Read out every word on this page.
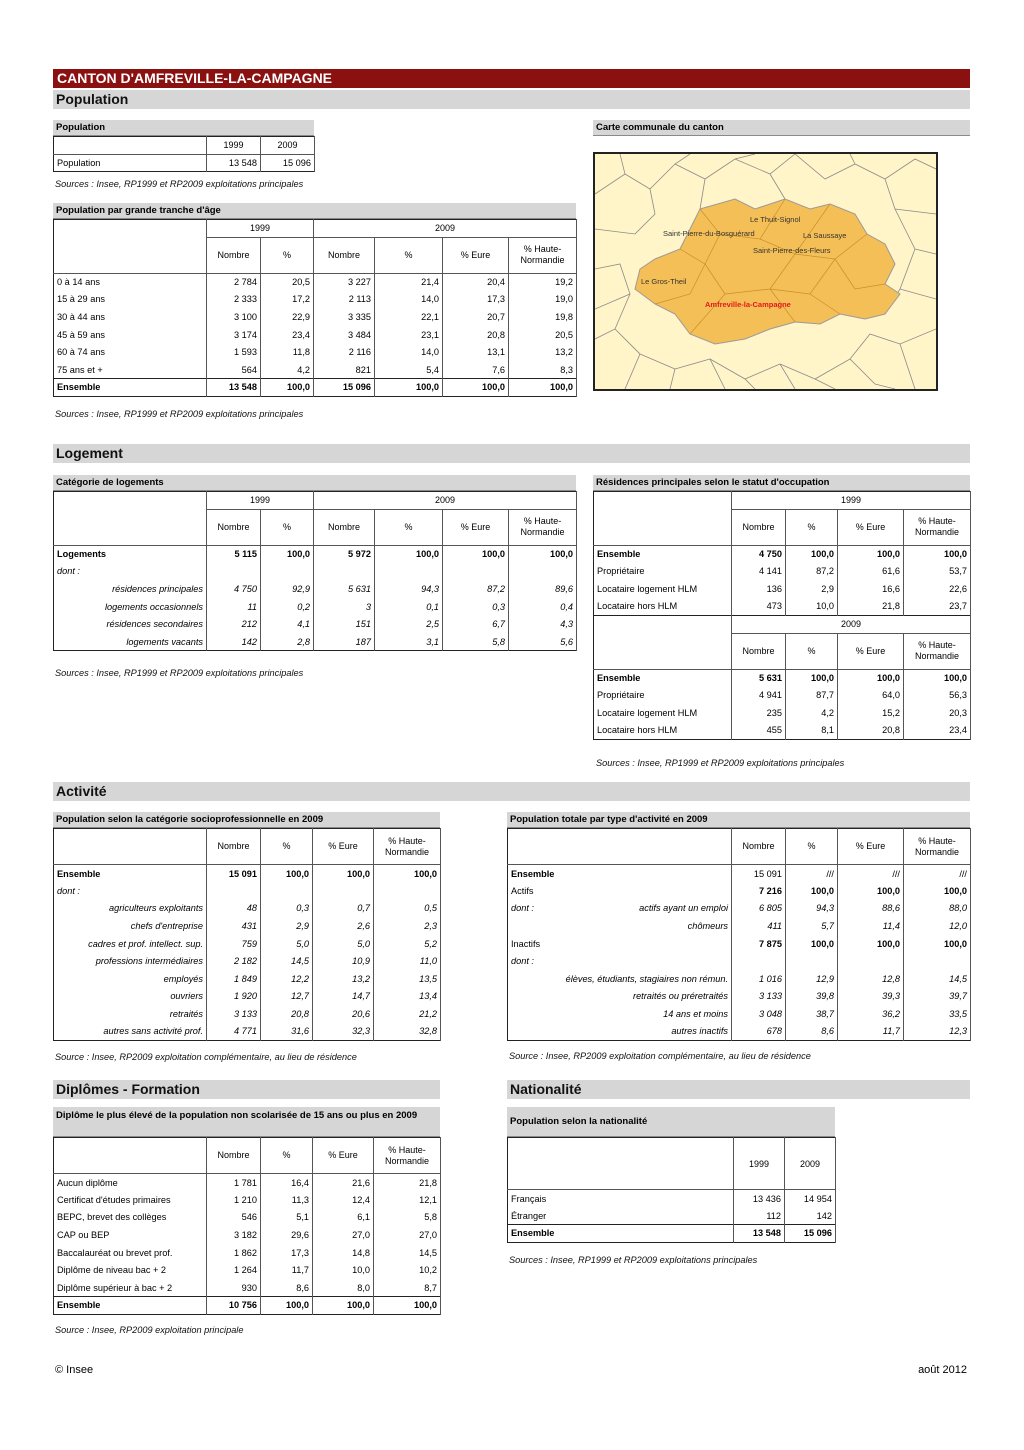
CANTON D'AMFREVILLE-LA-CAMPAGNE
Population
Population
	1999	2009
Population	13 548	15 096
Sources : Insee, RP1999 et RP2009 exploitations principales
Carte communale du canton
Le Thuit-Signol
Saint-Pierre-du-Bosguérard	La Saussaye
Saint-Pierre-des-Fleurs
Le Gros-Theil
Amfreville-la-Campagne
Population par grande tranche d'âge
	1999		2009			
	Nombre	%	Nombre	%	% Eure	% Haute-Normandie
0 à 14 ans	2 784	20,5	3 227	21,4	20,4	19,2
15 à 29 ans	2 333	17,2	2 113	14,0	17,3	19,0
30 à 44 ans	3 100	22,9	3 335	22,1	20,7	19,8
45 à 59 ans	3 174	23,4	3 484	23,1	20,8	20,5
60 à 74 ans	1 593	11,8	2 116	14,0	13,1	13,2
75 ans et +	564	4,2	821	5,4	7,6	8,3
Ensemble	13 548	100,0	15 096	100,0	100,0	100,0
Sources : Insee, RP1999 et RP2009 exploitations principales
Logement
Catégorie de logements
	1999		2009			
	Nombre	%	Nombre	%	% Eure	% Haute-Normandie
Logements	5 115	100,0	5 972	100,0	100,0	100,0
dont :						
résidences principales	4 750	92,9	5 631	94,3	87,2	89,6
logements occasionnels	11	0,2	3	0,1	0,3	0,4
résidences secondaires	212	4,1	151	2,5	6,7	4,3
logements vacants	142	2,8	187	3,1	5,8	5,6
Sources : Insee, RP1999 et RP2009 exploitations principales
Résidences principales selon le statut d'occupation
	1999			
	Nombre	%	% Eure	% Haute-Normandie
Ensemble	4 750	100,0	100,0	100,0
Propriétaire	4 141	87,2	61,6	53,7
Locataire logement HLM	136	2,9	16,6	22,6
Locataire hors HLM	473	10,0	21,8	23,7
	2009			
	Nombre	%	% Eure	% Haute-Normandie
Ensemble	5 631	100,0	100,0	100,0
Propriétaire	4 941	87,7	64,0	56,3
Locataire logement HLM	235	4,2	15,2	20,3
Locataire hors HLM	455	8,1	20,8	23,4
Sources : Insee, RP1999 et RP2009 exploitations principales
Activité
Population selon la catégorie socioprofessionnelle en 2009
	Nombre	%	% Eure	% Haute-Normandie
Ensemble	15 091	100,0	100,0	100,0
dont :				
agriculteurs exploitants	48	0,3	0,7	0,5
chefs d'entreprise	431	2,9	2,6	2,3
cadres et prof. intellect. sup.	759	5,0	5,0	5,2
professions intermédiaires	2 182	14,5	10,9	11,0
employés	1 849	12,2	13,2	13,5
ouvriers	1 920	12,7	14,7	13,4
retraités	3 133	20,8	20,6	21,2
autres sans activité prof.	4 771	31,6	32,3	32,8
Source : Insee, RP2009 exploitation complémentaire, au lieu de résidence
Population totale par type d'activité en 2009
	Nombre	%	% Eure	% Haute-Normandie
Ensemble	15 091	///	///	///
Actifs	7 216	100,0	100,0	100,0

dont : actifs ayant un emploi	6 805	94,3	88,6	88,0
chômeurs	411	5,7	11,4	12,0
Inactifs	7 875	100,0	100,0	100,0
dont :				
élèves, étudiants, stagiaires non rémun.	1 016	12,9	12,8	14,5
retraités ou préretraités	3 133	39,8	39,3	39,7
14 ans et moins	3 048	38,7	36,2	33,5
autres inactifs	678	8,6	11,7	12,3
Source : Insee, RP2009 exploitation complémentaire, au lieu de résidence
Diplômes - Formation
Diplôme le plus élevé de la population non scolarisée de 15 ans ou plus en 2009
	Nombre	%	% Eure	% Haute-Normandie
Aucun diplôme	1 781	16,4	21,6	21,8
Certificat d'études primaires	1 210	11,3	12,4	12,1
BEPC, brevet des collèges	546	5,1	6,1	5,8
CAP ou BEP	3 182	29,6	27,0	27,0
Baccalauréat ou brevet prof.	1 862	17,3	14,8	14,5
Diplôme de niveau bac + 2	1 264	11,7	10,0	10,2
Diplôme supérieur à bac + 2	930	8,6	8,0	8,7
Ensemble	10 756	100,0	100,0	100,0
Source : Insee, RP2009 exploitation principale
Nationalité
Population selon la nationalité
	1999	2009
Français	13 436	14 954
Étranger	112	142
Ensemble	13 548	15 096
Sources : Insee, RP1999 et RP2009 exploitations principales
© Insee	août 2012
